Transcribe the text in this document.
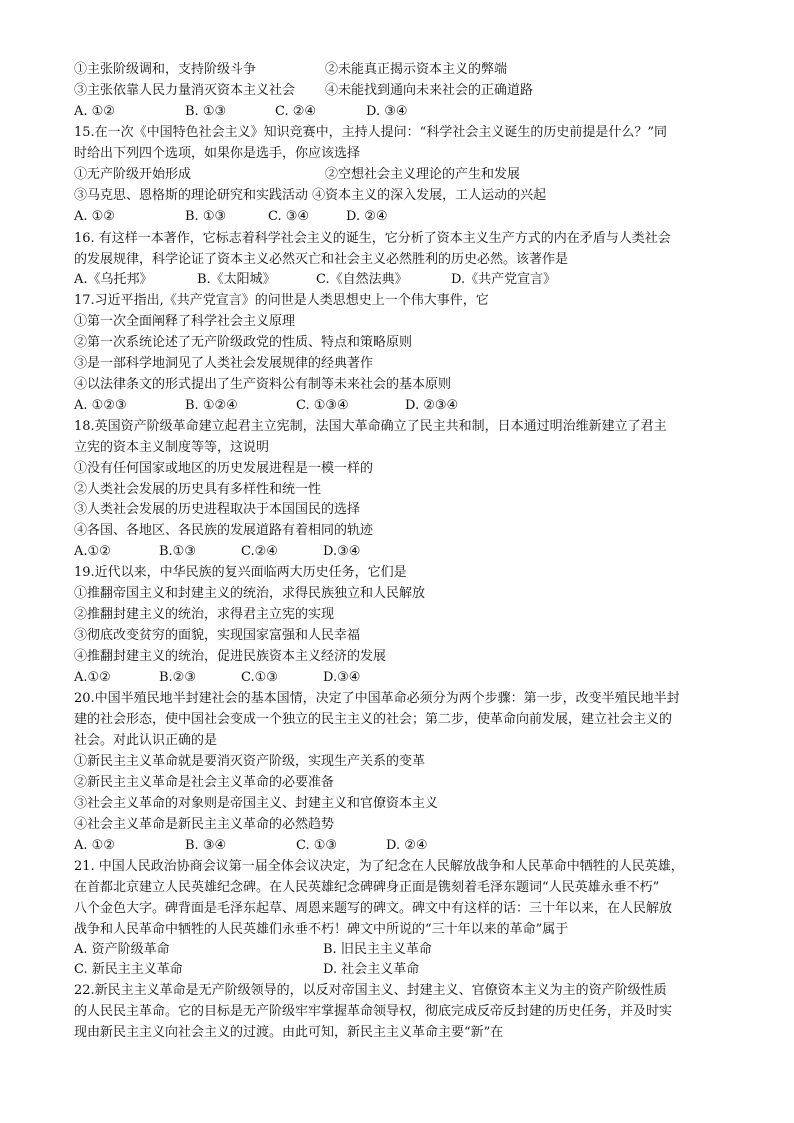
①主张阶级调和，支持阶级斗争	②未能真正揭示资本主义的弊端
③主张依靠人民力量消灭资本主义社会 ④未能找到通向未来社会的正确道路
A. ①②	B. ①③	C. ②④	D. ③④
15.在一次《中国特色社会主义》知识竞赛中，主持人提问：“科学社会主义诞生的历史前提是什么？”同
时给出下列四个选项，如果你是选手，你应该选择
①无产阶级开始形成	②空想社会主义理论的产生和发展
③马克思、恩格斯的理论研究和实践活动 ④资本主义的深入发展，工人运动的兴起
A. ①②	B. ①③	C. ③④	D. ②④
16. 有这样一本著作，它标志着科学社会主义的诞生，它分析了资本主义生产方式的内在矛盾与人类社会
的发展规律，科学论证了资本主义必然灭亡和社会主义必然胜利的历史必然。该著作是
A.《乌托邦》	B.《太阳城》	C.《自然法典》	D.《共产党宣言》
17.习近平指出,《共产党宣言》的问世是人类思想史上一个伟大事件，它
①第一次全面阐释了科学社会主义原理
②第一次系统论述了无产阶级政党的性质、特点和策略原则
③是一部科学地洞见了人类社会发展规律的经典著作
④以法律条文的形式提出了生产资料公有制等未来社会的基本原则
A. ①②③	B. ①②④	C. ①③④	D. ②③④
18.英国资产阶级革命建立起君主立宪制，法国大革命确立了民主共和制，日本通过明治维新建立了君主
立宪的资本主义制度等等，这说明
①没有任何国家或地区的历史发展进程是一模一样的
②人类社会发展的历史具有多样性和统一性
③人类社会发展的历史进程取决于本国国民的选择
④各国、各地区、各民族的发展道路有着相同的轨迹
A.①②	B.①③	C.②④	D.③④
19.近代以来，中华民族的复兴面临两大历史任务，它们是
①推翻帝国主义和封建主义的统治，求得民族独立和人民解放
②推翻封建主义的统治，求得君主立宪的实现
③彻底改变贫穷的面貌，实现国家富强和人民幸福
④推翻封建主义的统治，促进民族资本主义经济的发展
A.①②	B.②③	C.①③	D.③④
20.中国半殖民地半封建社会的基本国情，决定了中国革命必须分为两个步骤：第一步，改变半殖民地半封
建的社会形态，使中国社会变成一个独立的民主主义的社会；第二步，使革命向前发展，建立社会主义的
社会。对此认识正确的是
①新民主主义革命就是要消灭资产阶级，实现生产关系的变革
②新民主主义革命是社会主义革命的必要准备
③社会主义革命的对象则是帝国主义、封建主义和官僚资本主义
④社会主义革命是新民主主义革命的必然趋势
A. ①②	B. ③④	C. ①③	D. ②④
21. 中国人民政治协商会议第一届全体会议决定，为了纪念在人民解放战争和人民革命中牺牲的人民英雄，
在首都北京建立人民英雄纪念碑。在人民英雄纪念碑碑身正面是镌刻着毛泽东题词“人民英雄永垂不朽”
八个金色大字。碑背面是毛泽东起草、周恩来题写的碑文。碑文中有这样的话：三十年以来，在人民解放
战争和人民革命中牺牲的人民英雄们永垂不朽！碑文中所说的“三十年以来的革命”属于
A. 资产阶级革命	B. 旧民主主义革命
C. 新民主主义革命	D. 社会主义革命
22.新民主主义革命是无产阶级领导的，以反对帝国主义、封建主义、官僚资本主义为主的资产阶级性质
的人民民主革命。它的目标是无产阶级牢牢掌握革命领导权，彻底完成反帝反封建的历史任务，并及时实
现由新民主主义向社会主义的过渡。由此可知，新民主主义革命主要“新”在
